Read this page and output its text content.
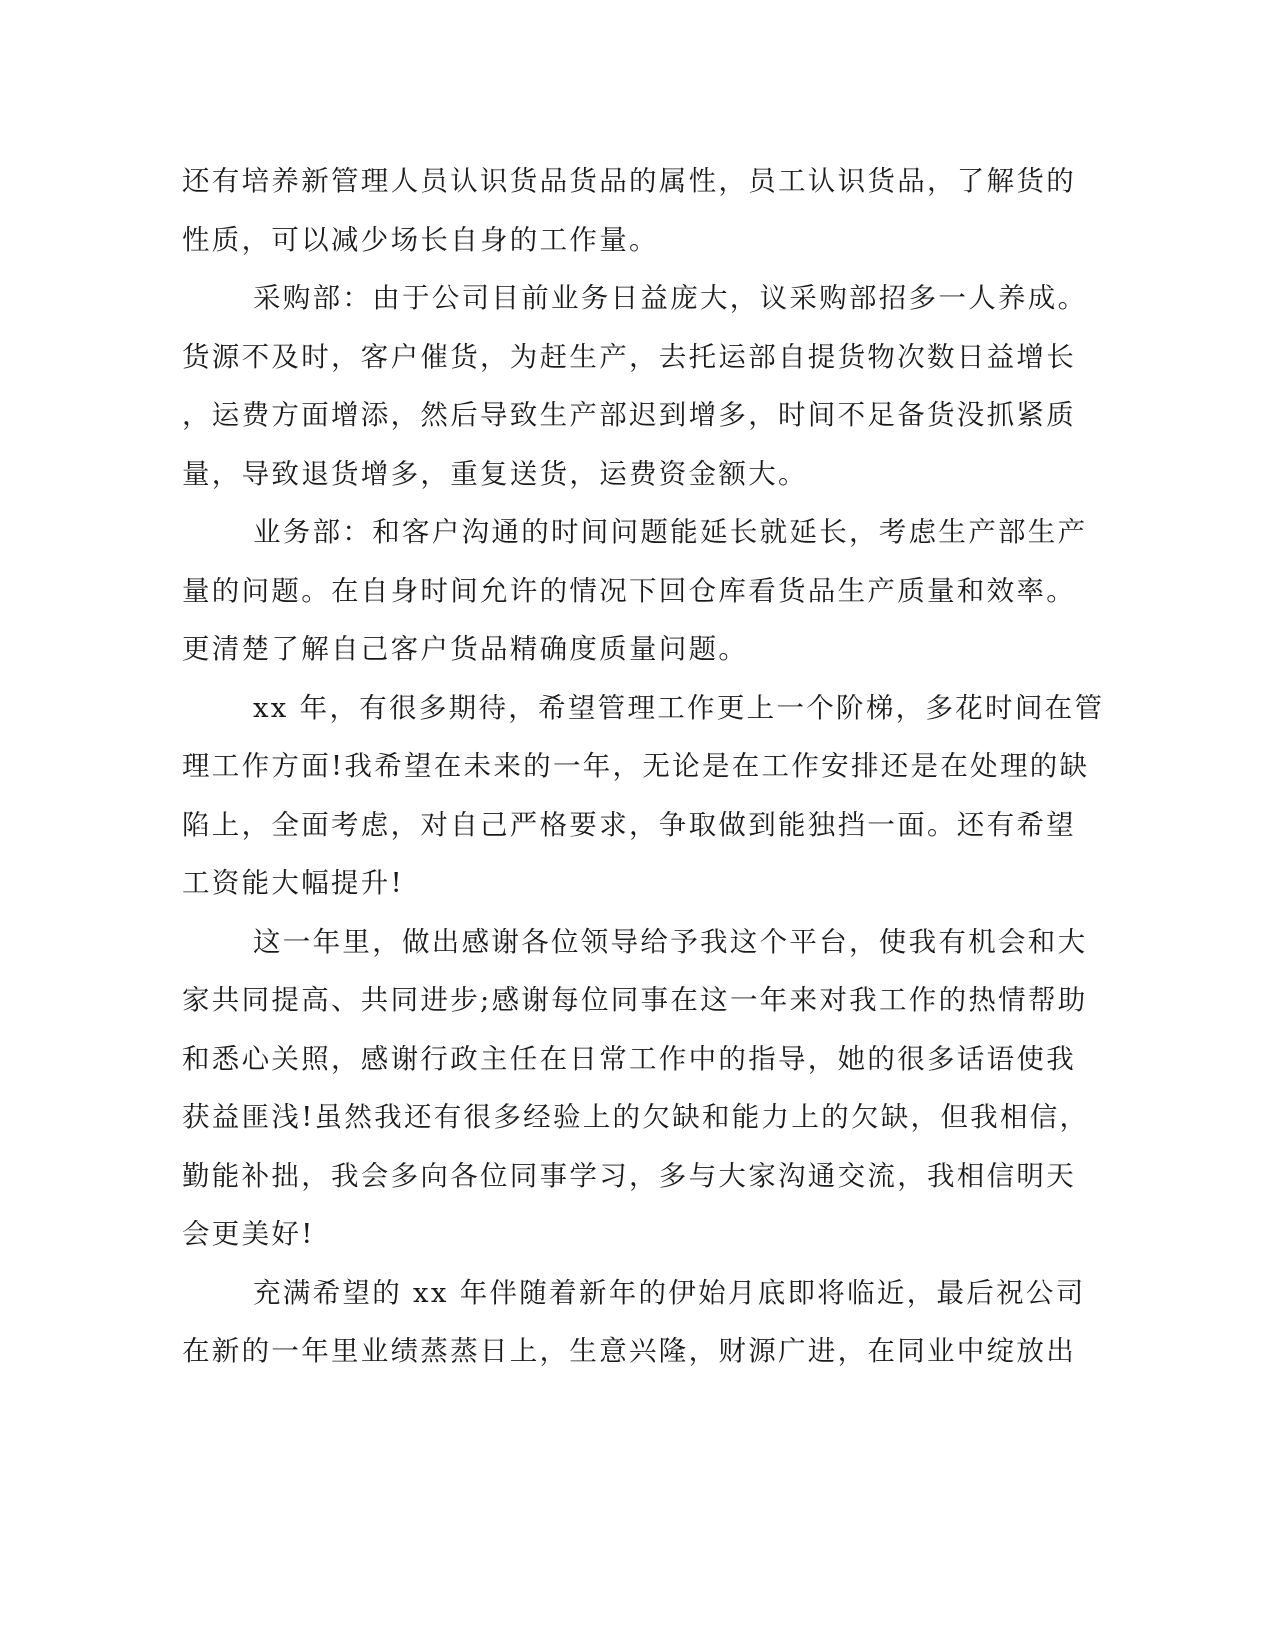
还有培养新管理人员认识货品货品的属性，员工认识货品，了解货的
性质，可以减少场长自身的工作量。

采购部：由于公司目前业务日益庞大，议采购部招多一人养成。
货源不及时，客户催货，为赶生产，去托运部自提货物次数日益增长
，运费方面增添，然后导致生产部迟到增多，时间不足备货没抓紧质
量，导致退货增多，重复送货，运费资金额大。

业务部：和客户沟通的时间问题能延长就延长，考虑生产部生产
量的问题。在自身时间允许的情况下回仓库看货品生产质量和效率。
更清楚了解自己客户货品精确度质量问题。

xx 年，有很多期待，希望管理工作更上一个阶梯，多花时间在管
理工作方面!我希望在未来的一年，无论是在工作安排还是在处理的缺
陷上，全面考虑，对自己严格要求，争取做到能独挡一面。还有希望
工资能大幅提升!

这一年里，做出感谢各位领导给予我这个平台，使我有机会和大
家共同提高、共同进步;感谢每位同事在这一年来对我工作的热情帮助
和悉心关照，感谢行政主任在日常工作中的指导，她的很多话语使我
获益匪浅!虽然我还有很多经验上的欠缺和能力上的欠缺，但我相信，
勤能补拙，我会多向各位同事学习，多与大家沟通交流，我相信明天
会更美好!

充满希望的 xx 年伴随着新年的伊始月底即将临近，最后祝公司
在新的一年里业绩蒸蒸日上，生意兴隆，财源广进，在同业中绽放出
